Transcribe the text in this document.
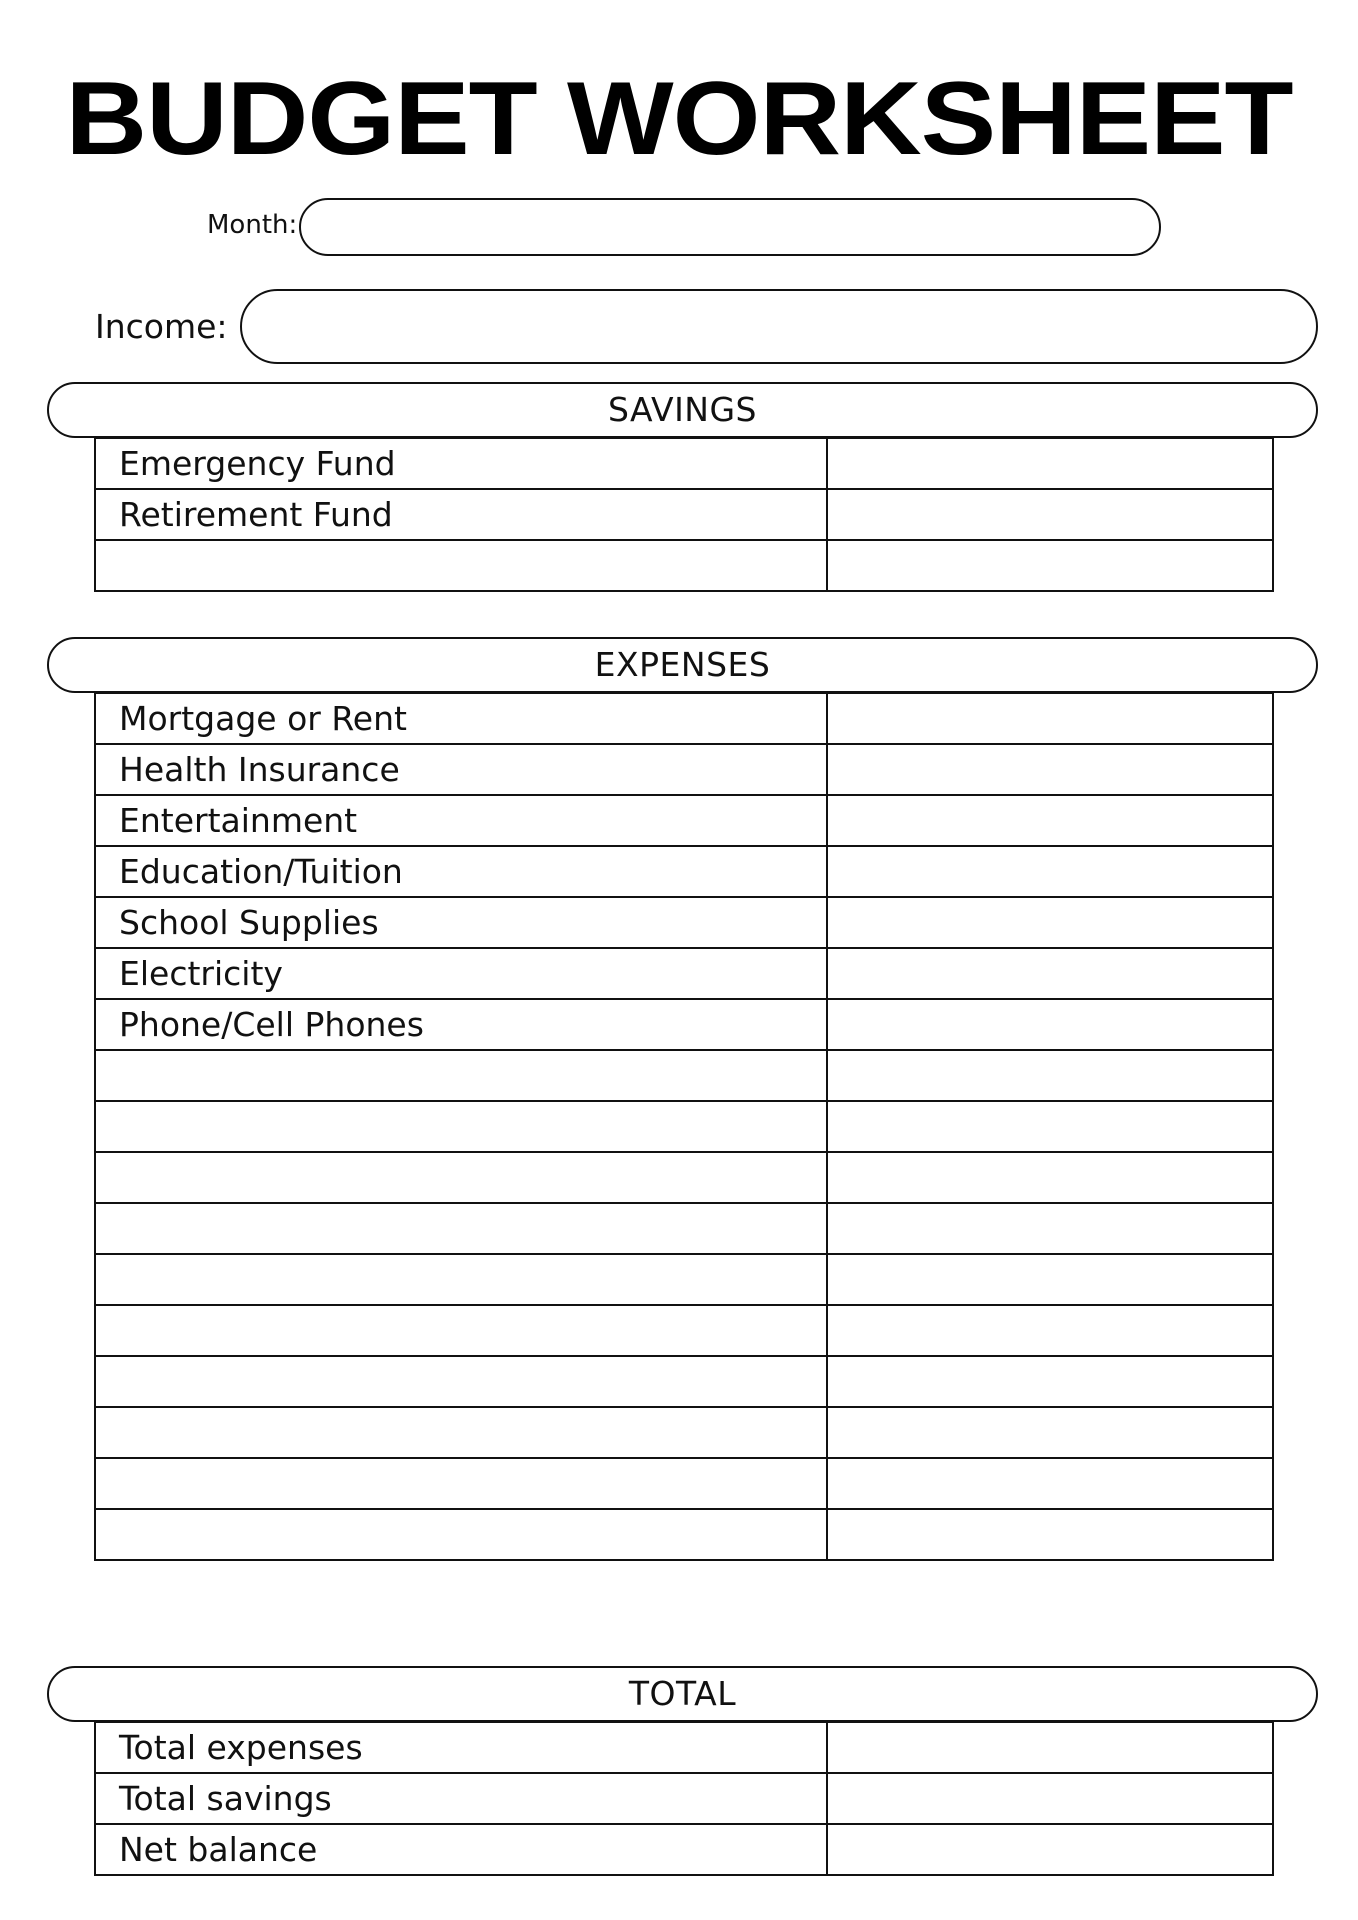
BUDGET WORKSHEET
Month:
Income:
SAVINGS
Emergency Fund	
Retirement Fund	

EXPENSES
Mortgage or Rent	
Health Insurance	
Entertainment	
Education/Tuition	
School Supplies	
Electricity	
Phone/Cell Phones	

TOTAL
Total expenses	
Total savings	
Net balance	
